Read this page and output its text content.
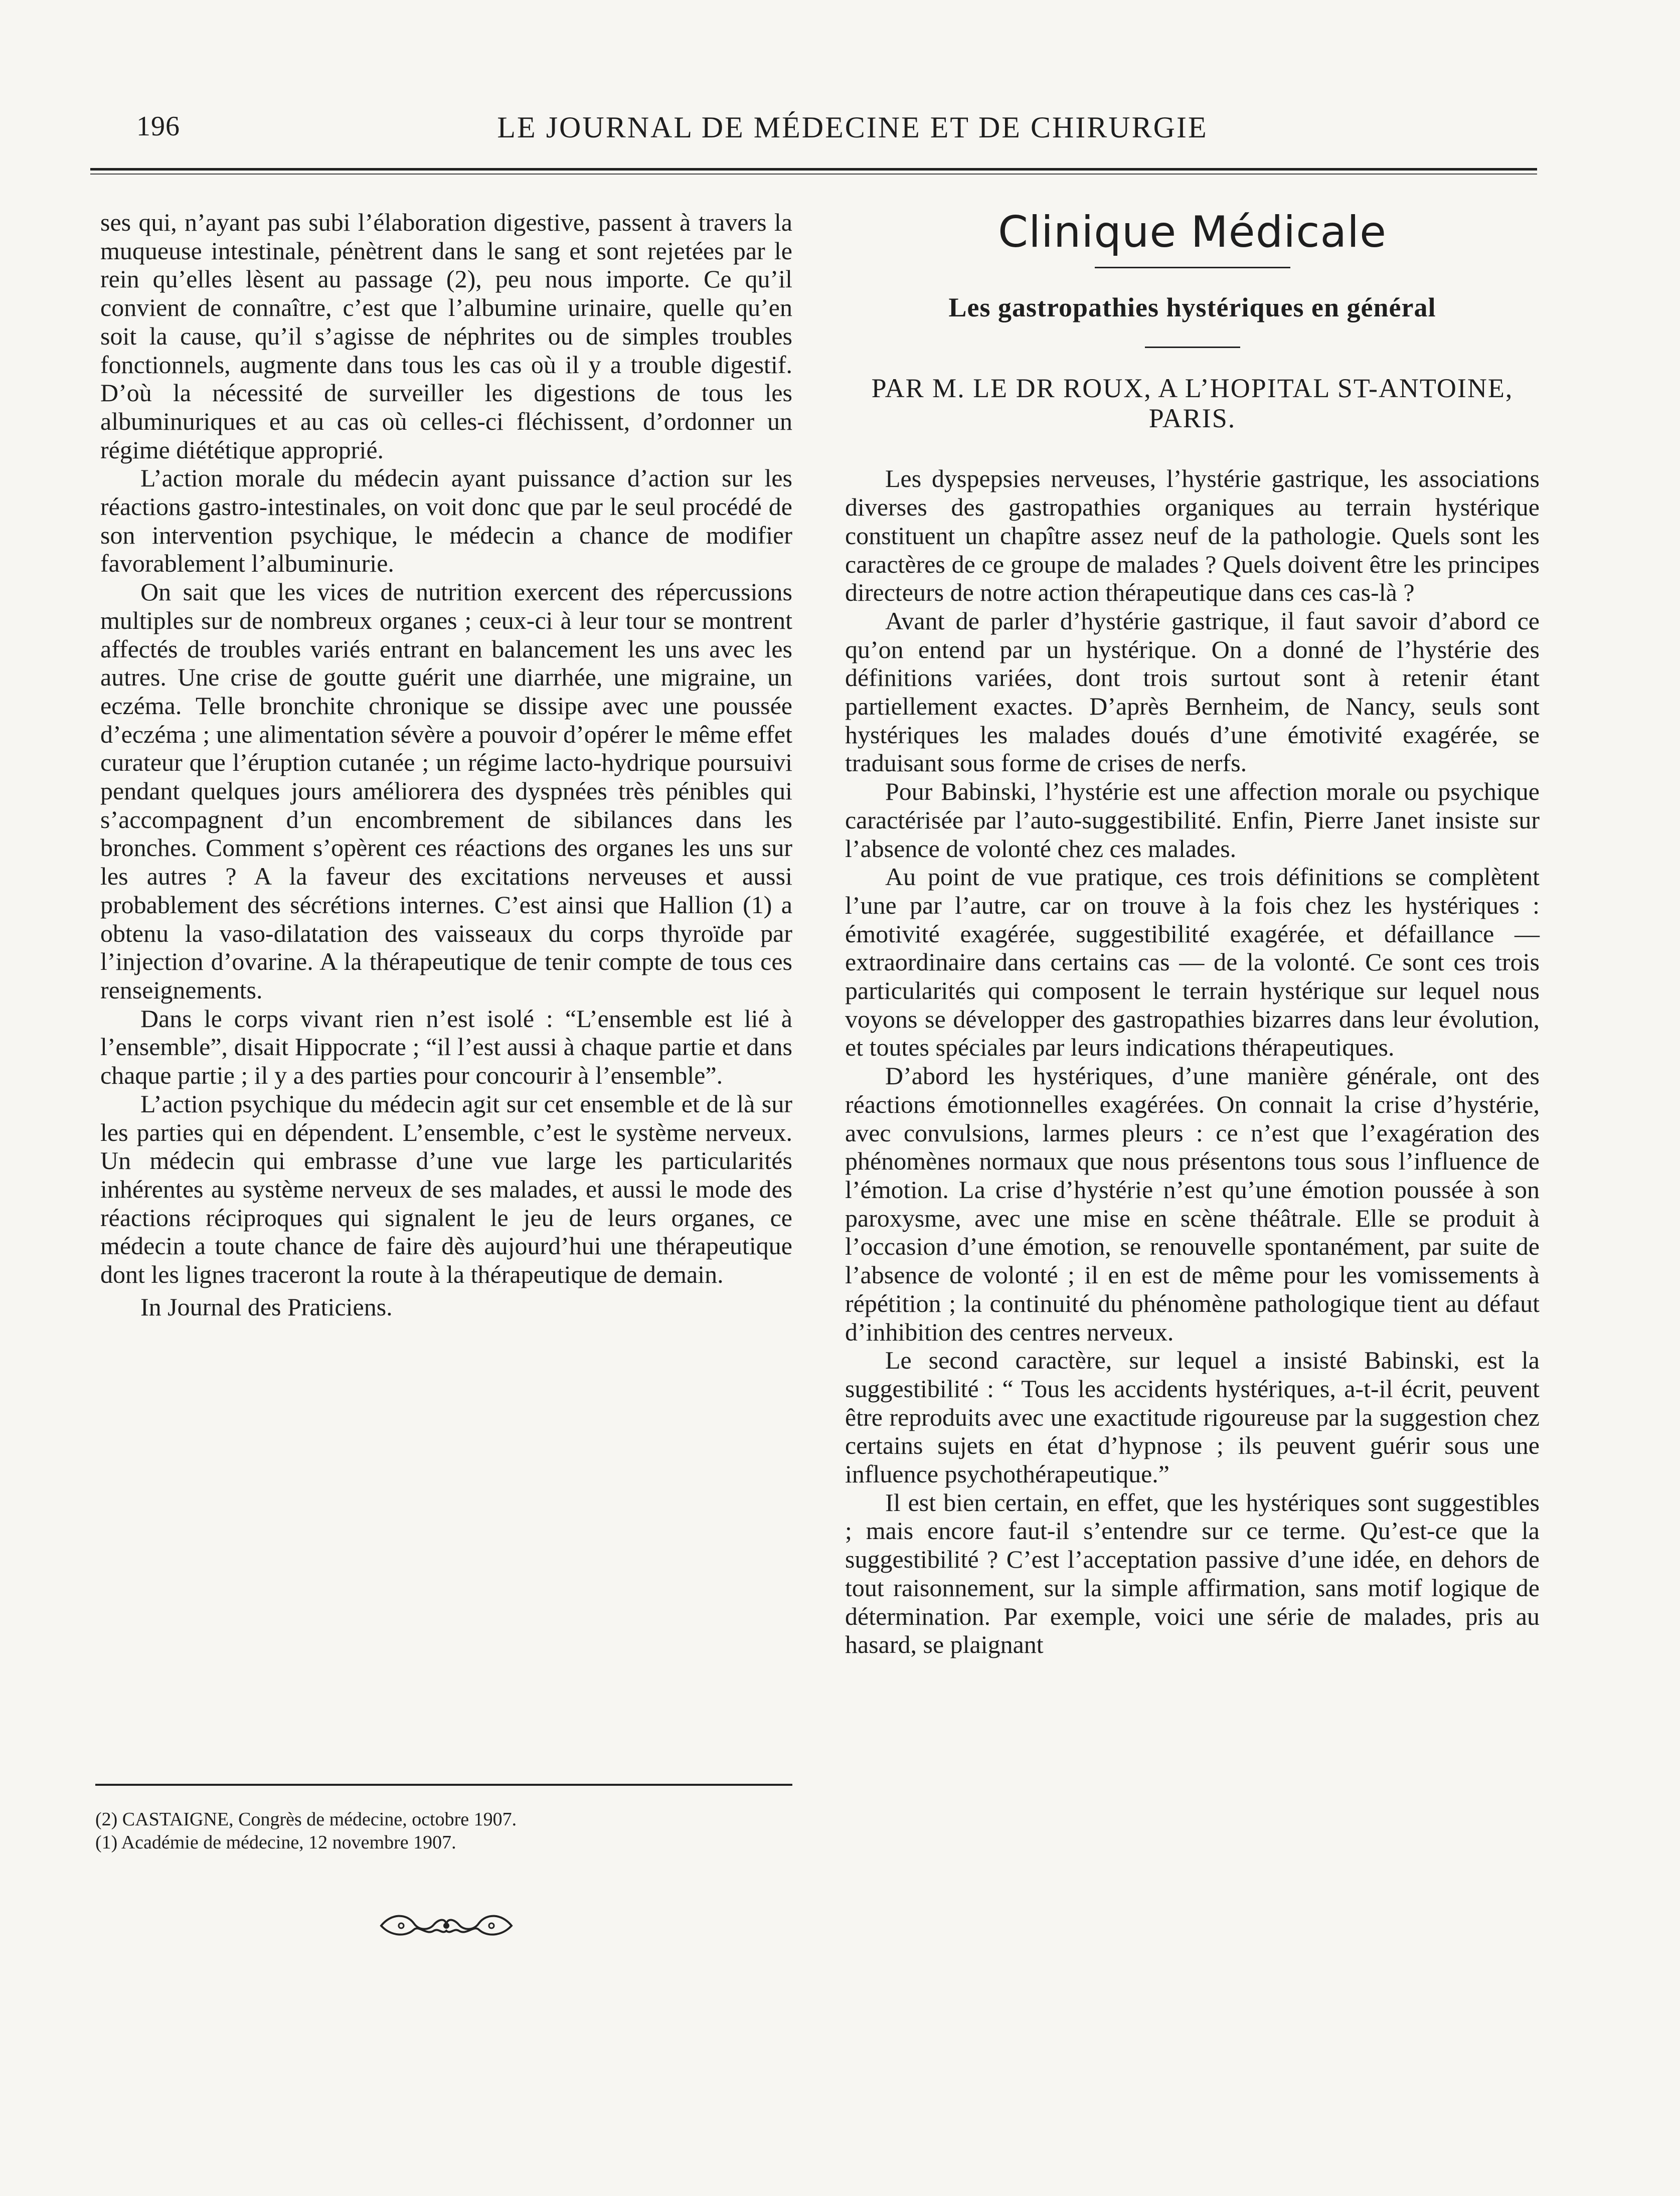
196	LE JOURNAL DE MÉDECINE ET DE CHIRURGIE

ses qui, n’ayant pas subi l’élaboration digestive, passent à travers la muqueuse intestinale, pénètrent dans le sang et sont rejetées par le rein qu’elles lèsent au passage (2), peu nous importe. Ce qu’il convient de connaître, c’est que l’albumine urinaire, quelle qu’en soit la cause, qu’il s’agisse de néphrites ou de simples troubles fonctionnels, augmente dans tous les cas où il y a trouble digestif. D’où la nécessité de surveiller les digestions de tous les albuminuriques et au cas où celles-ci fléchissent, d’ordonner un régime diététique approprié.

L’action morale du médecin ayant puissance d’action sur les réactions gastro-intestinales, on voit donc que par le seul procédé de son intervention psychique, le médecin a chance de modifier favorablement l’albuminurie.

On sait que les vices de nutrition exercent des répercussions multiples sur de nombreux organes ; ceux-ci à leur tour se montrent affectés de troubles variés entrant en balancement les uns avec les autres. Une crise de goutte guérit une diarrhée, une migraine, un eczéma. Telle bronchite chronique se dissipe avec une poussée d’eczéma ; une alimentation sévère a pouvoir d’opérer le même effet curateur que l’éruption cutanée ; un régime lacto-hydrique poursuivi pendant quelques jours améliorera des dyspnées très pénibles qui s’accompagnent d’un encombrement de sibilances dans les bronches. Comment s’opèrent ces réactions des organes les uns sur les autres ? A la faveur des excitations nerveuses et aussi probablement des sécrétions internes. C’est ainsi que Hallion (1) a obtenu la vaso-dilatation des vaisseaux du corps thyroïde par l’injection d’ovarine. A la thérapeutique de tenir compte de tous ces renseignements.

Dans le corps vivant rien n’est isolé : “L’ensemble est lié à l’ensemble”, disait Hippocrate ; “il l’est aussi à chaque partie et dans chaque partie ; il y a des parties pour concourir à l’ensemble”.

L’action psychique du médecin agit sur cet ensemble et de là sur les parties qui en dépendent. L’ensemble, c’est le système nerveux. Un médecin qui embrasse d’une vue large les particularités inhérentes au système nerveux de ses malades, et aussi le mode des réactions réciproques qui signalent le jeu de leurs organes, ce médecin a toute chance de faire dès aujourd’hui une thérapeutique dont les lignes traceront la route à la thérapeutique de demain.

In Journal des Praticiens.

(2) CASTAIGNE, Congrès de médecine, octobre 1907.
(1) Académie de médecine, 12 novembre 1907.
Clinique Médicale
Les gastropathies hystériques en général
PAR M. LE DR ROUX, A L’HOPITAL ST-ANTOINE, PARIS.

Les dyspepsies nerveuses, l’hystérie gastrique, les associations diverses des gastropathies organiques au terrain hystérique constituent un chapître assez neuf de la pathologie. Quels sont les caractères de ce groupe de malades ? Quels doivent être les principes directeurs de notre action thérapeutique dans ces cas-là ?

Avant de parler d’hystérie gastrique, il faut savoir d’abord ce qu’on entend par un hystérique. On a donné de l’hystérie des définitions variées, dont trois surtout sont à retenir étant partiellement exactes. D’après Bernheim, de Nancy, seuls sont hystériques les malades doués d’une émotivité exagérée, se traduisant sous forme de crises de nerfs.

Pour Babinski, l’hystérie est une affection morale ou psychique caractérisée par l’auto-suggestibilité. Enfin, Pierre Janet insiste sur l’absence de volonté chez ces malades.

Au point de vue pratique, ces trois définitions se complètent l’une par l’autre, car on trouve à la fois chez les hystériques : émotivité exagérée, suggestibilité exagérée, et défaillance — extraordinaire dans certains cas — de la volonté. Ce sont ces trois particularités qui composent le terrain hystérique sur lequel nous voyons se développer des gastropathies bizarres dans leur évolution, et toutes spéciales par leurs indications thérapeutiques.

D’abord les hystériques, d’une manière générale, ont des réactions émotionnelles exagérées. On connait la crise d’hystérie, avec convulsions, larmes pleurs : ce n’est que l’exagération des phénomènes normaux que nous présentons tous sous l’influence de l’émotion. La crise d’hystérie n’est qu’une émotion poussée à son paroxysme, avec une mise en scène théâtrale. Elle se produit à l’occasion d’une émotion, se renouvelle spontanément, par suite de l’absence de volonté ; il en est de même pour les vomissements à répétition ; la continuité du phénomène pathologique tient au défaut d’inhibition des centres nerveux.

Le second caractère, sur lequel a insisté Babinski, est la suggestibilité : “ Tous les accidents hystériques, a-t-il écrit, peuvent être reproduits avec une exactitude rigoureuse par la suggestion chez certains sujets en état d’hypnose ; ils peuvent guérir sous une influence psychothérapeutique.”

Il est bien certain, en effet, que les hystériques sont suggestibles ; mais encore faut-il s’entendre sur ce terme. Qu’est-ce que la suggestibilité ? C’est l’acceptation passive d’une idée, en dehors de tout raisonnement, sur la simple affirmation, sans motif logique de détermination. Par exemple, voici une série de malades, pris au hasard, se plaignant
